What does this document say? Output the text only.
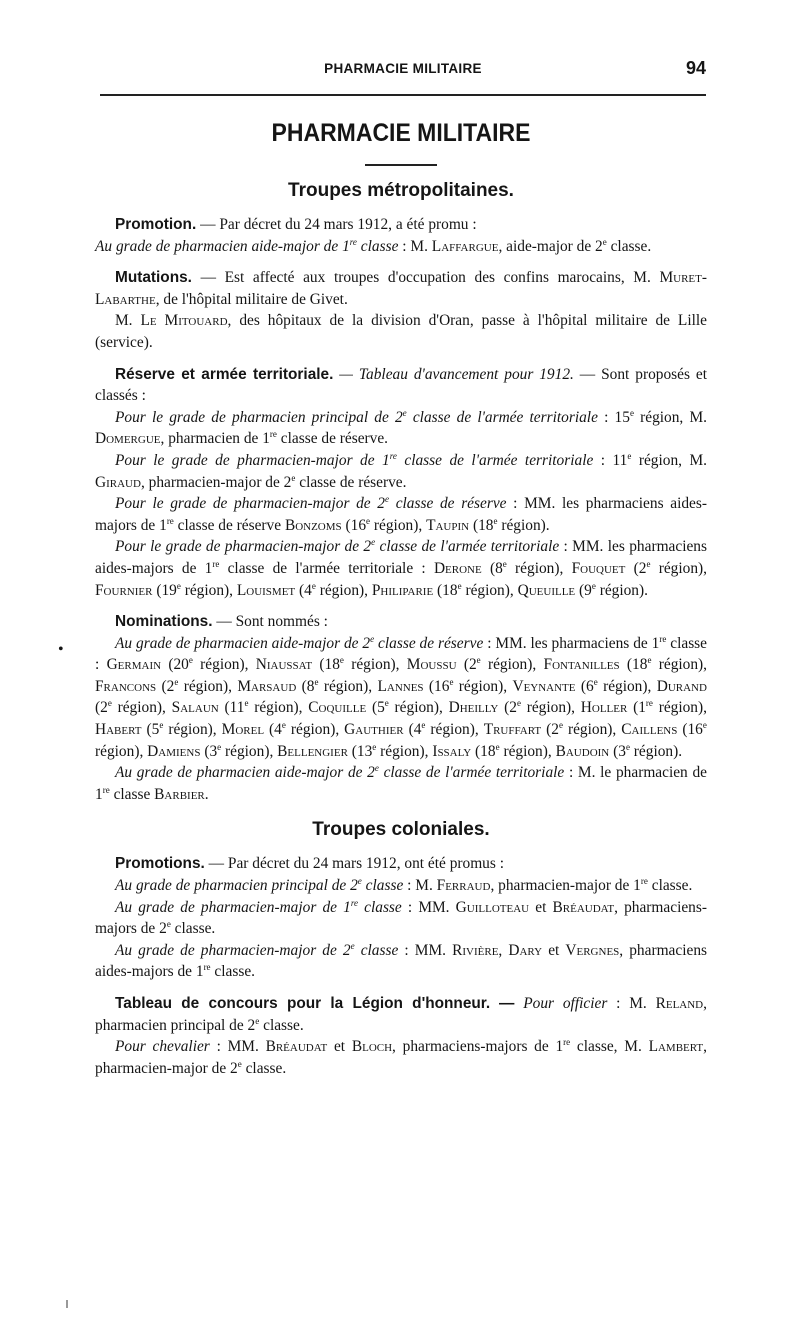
PHARMACIE MILITAIRE	94
•
PHARMACIE MILITAIRE
Troupes métropolitaines.

Promotion. — Par décret du 24 mars 1912, a été promu :
Au grade de pharmacien aide-major de 1re classe : M. Laffargue, aide-major de 2e classe.

Mutations. — Est affecté aux troupes d'occupation des confins marocains, M. Muret-Labarthe, de l'hôpital militaire de Givet.

M. Le Mitouard, des hôpitaux de la division d'Oran, passe à l'hôpital militaire de Lille (service).

Réserve et armée territoriale. — Tableau d'avancement pour 1912. — Sont proposés et classés :

Pour le grade de pharmacien principal de 2e classe de l'armée territoriale : 15e région, M. Domergue, pharmacien de 1re classe de réserve.

Pour le grade de pharmacien-major de 1re classe de l'armée territoriale : 11e région, M. Giraud, pharmacien-major de 2e classe de réserve.

Pour le grade de pharmacien-major de 2e classe de réserve : MM. les pharmaciens aides-majors de 1re classe de réserve Bonzoms (16e région), Taupin (18e région).

Pour le grade de pharmacien-major de 2e classe de l'armée territoriale : MM. les pharmaciens aides-majors de 1re classe de l'armée territoriale : Derone (8e région), Fouquet (2e région), Fournier (19e région), Louismet (4e région), Philiparie (18e région), Queuille (9e région).

Nominations. — Sont nommés :

Au grade de pharmacien aide-major de 2e classe de réserve : MM. les pharmaciens de 1re classe : Germain (20e région), Niaussat (18e région), Moussu (2e région), Fontanilles (18e région), Francons (2e région), Marsaud (8e région), Lannes (16e région), Veynante (6e région), Durand (2e région), Salaun (11e région), Coquille (5e région), Dheilly (2e région), Holler (1re région), Habert (5e région), Morel (4e région), Gauthier (4e région), Truffart (2e région), Caillens (16e région), Damiens (3e région), Bellengier (13e région), Issaly (18e région), Baudoin (3e région).

Au grade de pharmacien aide-major de 2e classe de l'armée territoriale : M. le pharmacien de 1re classe Barbier.

Troupes coloniales.

Promotions. — Par décret du 24 mars 1912, ont été promus :

Au grade de pharmacien principal de 2e classe : M. Ferraud, pharmacien-major de 1re classe.

Au grade de pharmacien-major de 1re classe : MM. Guilloteau et Bréaudat, pharmaciens-majors de 2e classe.

Au grade de pharmacien-major de 2e classe : MM. Rivière, Dary et Vergnes, pharmaciens aides-majors de 1re classe.

Tableau de concours pour la Légion d'honneur. — Pour officier : M. Reland, pharmacien principal de 2e classe.

Pour chevalier : MM. Bréaudat et Bloch, pharmaciens-majors de 1re classe, M. Lambert, pharmacien-major de 2e classe.
